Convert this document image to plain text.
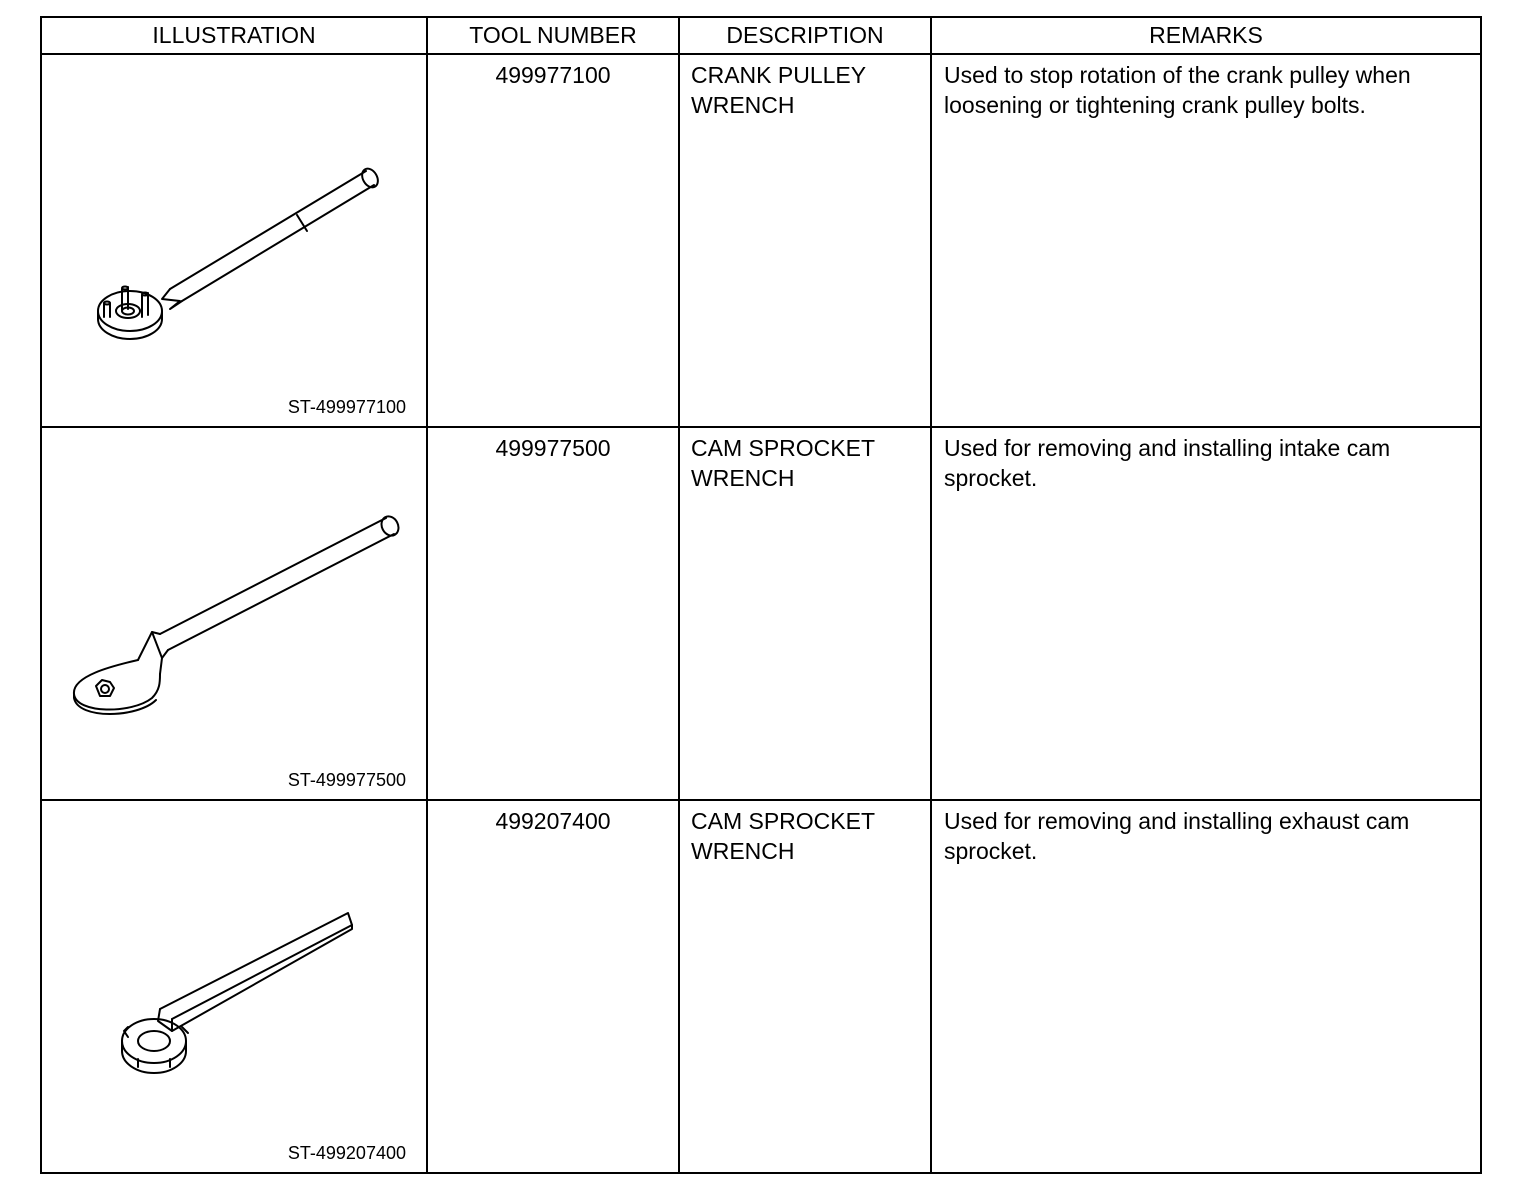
ILLUSTRATION	TOOL NUMBER	DESCRIPTION	REMARKS

ST-499977100	499977100	CRANK PULLEY
WRENCH	Used to stop rotation of the crank pulley when
loosening or tightening crank pulley bolts.

ST-499977500	499977500	CAM SPROCKET
WRENCH	Used for removing and installing intake cam
sprocket.

ST-499207400	499207400	CAM SPROCKET
WRENCH	Used for removing and installing exhaust cam
sprocket.
